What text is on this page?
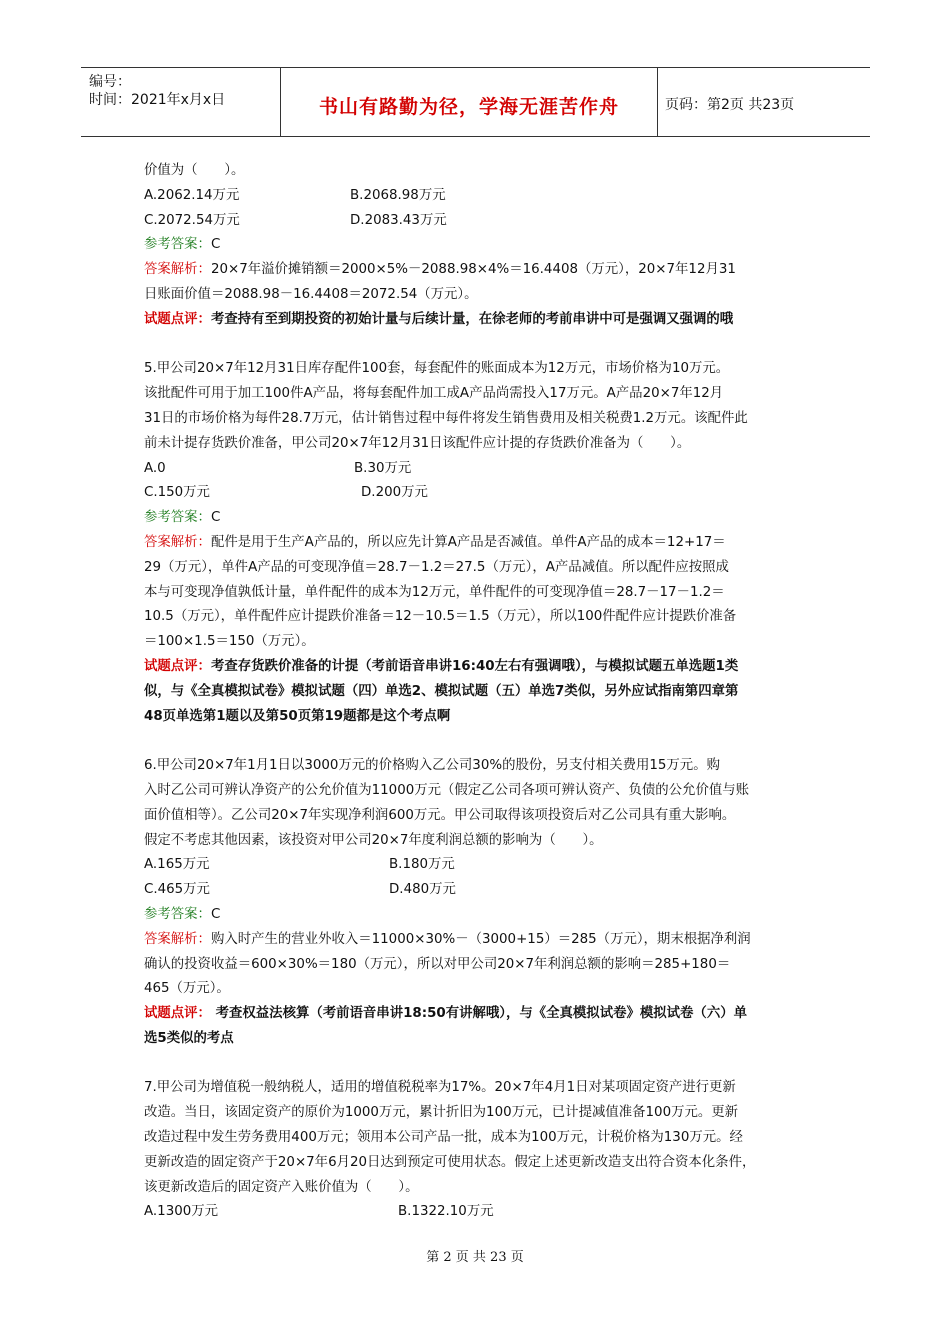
编号：
时间：2021年x月x日	书山有路勤为径，学海无涯苦作舟	页码：第2页 共23页

价值为（　　）。

A.2062.14万元	B.2068.98万元

C.2072.54万元	D.2083.43万元

参考答案：C

答案解析：20×7年溢价摊销额＝2000×5%－2088.98×4%＝16.4408（万元），20×7年12月31

日账面价值＝2088.98－16.4408＝2072.54（万元）。

试题点评：考查持有至到期投资的初始计量与后续计量，在徐老师的考前串讲中可是强调又强调的哦

5.甲公司20×7年12月31日库存配件100套，每套配件的账面成本为12万元，市场价格为10万元。

该批配件可用于加工100件A产品，将每套配件加工成A产品尚需投入17万元。A产品20×7年12月

31日的市场价格为每件28.7万元，估计销售过程中每件将发生销售费用及相关税费1.2万元。该配件此

前未计提存货跌价准备，甲公司20×7年12月31日该配件应计提的存货跌价准备为（　　）。

A.0	B.30万元

C.150万元	D.200万元

参考答案：C

答案解析：配件是用于生产A产品的，所以应先计算A产品是否减值。单件A产品的成本＝12+17＝

29（万元），单件A产品的可变现净值＝28.7－1.2＝27.5（万元），A产品减值。所以配件应按照成

本与可变现净值孰低计量，单件配件的成本为12万元，单件配件的可变现净值＝28.7－17－1.2＝

10.5（万元），单件配件应计提跌价准备＝12－10.5＝1.5（万元），所以100件配件应计提跌价准备

＝100×1.5＝150（万元）。

试题点评：考查存货跌价准备的计提（考前语音串讲16:40左右有强调哦），与模拟试题五单选题1类

似，与《全真模拟试卷》模拟试题（四）单选2、模拟试题（五）单选7类似，另外应试指南第四章第

48页单选第1题以及第50页第19题都是这个考点啊

6.甲公司20×7年1月1日以3000万元的价格购入乙公司30%的股份，另支付相关费用15万元。购

入时乙公司可辨认净资产的公允价值为11000万元（假定乙公司各项可辨认资产、负债的公允价值与账

面价值相等）。乙公司20×7年实现净利润600万元。甲公司取得该项投资后对乙公司具有重大影响。

假定不考虑其他因素，该投资对甲公司20×7年度利润总额的影响为（　　）。

A.165万元	B.180万元

C.465万元	D.480万元

参考答案：C

答案解析：购入时产生的营业外收入＝11000×30%－（3000+15）＝285（万元），期末根据净利润

确认的投资收益＝600×30%＝180（万元），所以对甲公司20×7年利润总额的影响＝285+180＝

465（万元）。

试题点评： 考查权益法核算（考前语音串讲18:50有讲解哦），与《全真模拟试卷》模拟试卷（六）单

选5类似的考点

7.甲公司为增值税一般纳税人，适用的增值税税率为17%。20×7年4月1日对某项固定资产进行更新

改造。当日，该固定资产的原价为1000万元，累计折旧为100万元，已计提减值准备100万元。更新

改造过程中发生劳务费用400万元；领用本公司产品一批，成本为100万元，计税价格为130万元。经

更新改造的固定资产于20×7年6月20日达到预定可使用状态。假定上述更新改造支出符合资本化条件，

该更新改造后的固定资产入账价值为（　　）。

A.1300万元	B.1322.10万元

第 2 页 共 23 页
